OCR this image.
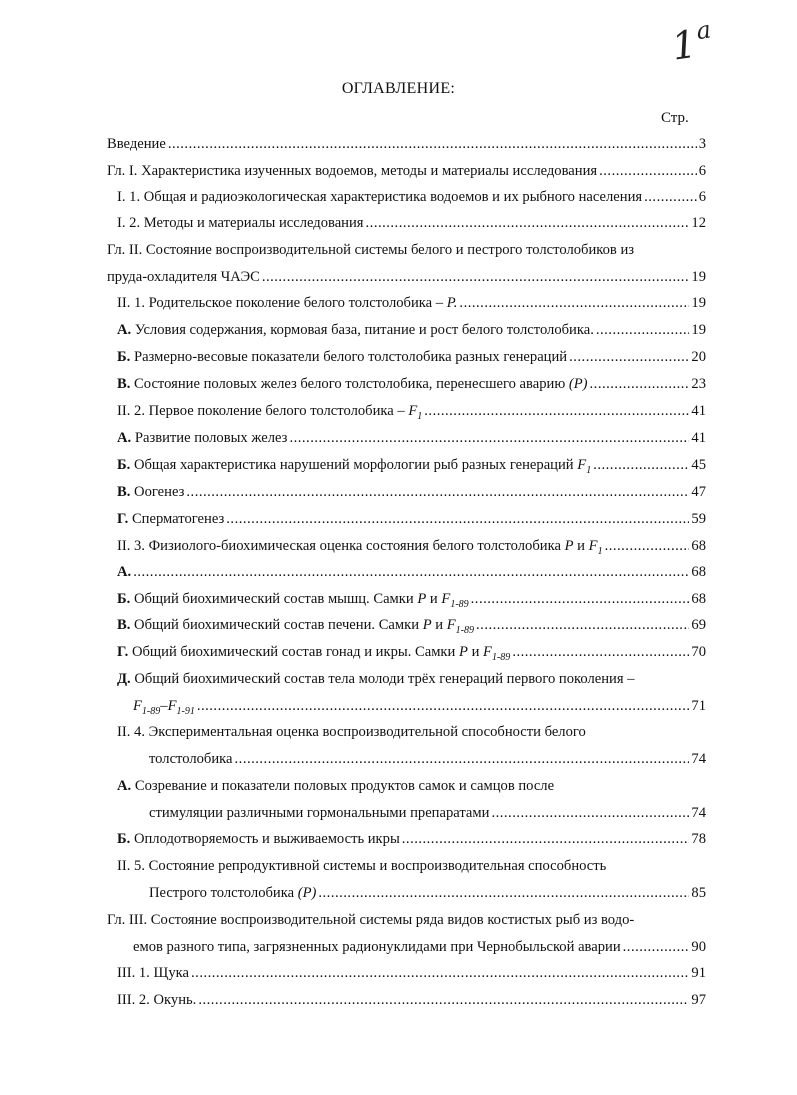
1$^a$
ОГЛАВЛЕНИЕ:
Стр.
Введение .....	3
Гл. I. Характеристика изученных водоемов, методы и материалы исследования .....	6
I. 1. Общая и радиоэкологическая характеристика водоемов и их рыбного населения .....	6
I. 2. Методы и материалы исследования .....	12
Гл. II. Состояние воспроизводительной системы белого и пестрого толстолобиков из
пруда-охладителя ЧАЭС .....	19
II. 1. Родительское поколение белого толстолобика – P. .....	19
А. Условия содержания, кормовая база, питание и рост белого толстолобика. .....	19
Б. Размерно-весовые показатели белого толстолобика разных генераций .....	20
В. Состояние половых желез белого толстолобика, перенесшего аварию (P) .....	23
II. 2. Первое поколение белого толстолобика – $F_1$ .....	41
А. Развитие половых желез .....	41
Б. Общая характеристика нарушений морфологии рыб разных генераций $F_1$ .....	45
В. Оогенез .....	47
Г. Сперматогенез .....	59
II. 3. Физиолого-биохимическая оценка состояния белого толстолобика P и $F_1$ .....	68
А. .....	68
Б. Общий биохимический состав мышц. Самки P и $F_{1-89}$ .....	68
В. Общий биохимический состав печени. Самки P и $F_{1-89}$ .....	69
Г. Общий биохимический состав гонад и икры. Самки P и $F_{1-89}$ .....	70
Д. Общий биохимический состав тела молоди трёх генераций первого поколения –
$F_{1-89}-F_{1-91}$ .....	71
II. 4. Экспериментальная оценка воспроизводительной способности белого
толстолобика .....	74
А. Созревание и показатели половых продуктов самок и самцов после
стимуляции различными гормональными препаратами .....	74
Б. Оплодотворяемость и выживаемость икры .....	78
II. 5. Состояние репродуктивной системы и воспроизводительная способность
Пестрого толстолобика (P) .....	85
Гл. III. Состояние воспроизводительной системы ряда видов костистых рыб из водо-
емов разного типа, загрязненных радионуклидами при Чернобыльской аварии .....	90
III. 1. Щука .....	91
III. 2. Окунь. .....	97
